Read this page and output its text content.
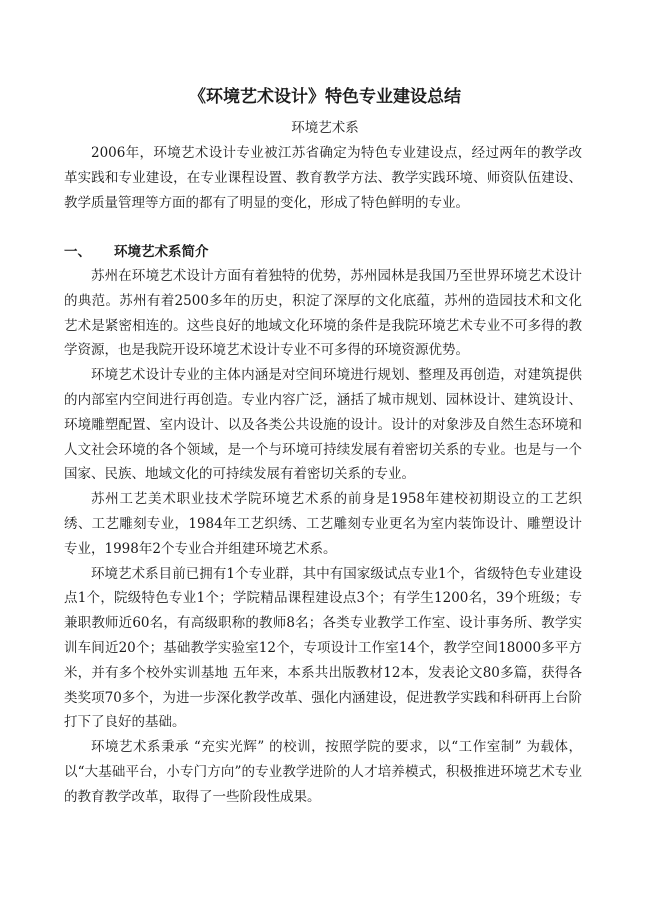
《环境艺术设计》特色专业建设总结
环境艺术系

2006年，环境艺术设计专业被江苏省确定为特色专业建设点，经过两年的教学改革实践和专业建设，在专业课程设置、教育教学方法、教学实践环境、师资队伍建设、教学质量管理等方面的都有了明显的变化，形成了特色鲜明的专业。

一、 环境艺术系简介

苏州在环境艺术设计方面有着独特的优势，苏州园林是我国乃至世界环境艺术设计的典范。苏州有着2500多年的历史，积淀了深厚的文化底蕴，苏州的造园技术和文化艺术是紧密相连的。这些良好的地域文化环境的条件是我院环境艺术专业不可多得的教学资源，也是我院开设环境艺术设计专业不可多得的环境资源优势。

环境艺术设计专业的主体内涵是对空间环境进行规划、整理及再创造，对建筑提供的内部室内空间进行再创造。专业内容广泛，涵括了城市规划、园林设计、建筑设计、环境雕塑配置、室内设计、以及各类公共设施的设计。设计的对象涉及自然生态环境和人文社会环境的各个领域，是一个与环境可持续发展有着密切关系的专业。也是与一个国家、民族、地域文化的可持续发展有着密切关系的专业。

苏州工艺美术职业技术学院环境艺术系的前身是1958年建校初期设立的工艺织绣、工艺雕刻专业，1984年工艺织绣、工艺雕刻专业更名为室内装饰设计、雕塑设计专业，1998年2个专业合并组建环境艺术系。

环境艺术系目前已拥有1个专业群，其中有国家级试点专业1个，省级特色专业建设点1个，院级特色专业1个；学院精品课程建设点3个；有学生1200名，39个班级；专兼职教师近60名，有高级职称的教师8名；各类专业教学工作室、设计事务所、教学实训车间近20个；基础教学实验室12个，专项设计工作室14个，教学空间18000多平方米，并有多个校外实训基地 五年来，本系共出版教材12本，发表论文80多篇，获得各类奖项70多个，为进一步深化教学改革、强化内涵建设，促进教学实践和科研再上台阶打下了良好的基础。

环境艺术系秉承 “充实光辉” 的校训，按照学院的要求，以“工作室制” 为载体，以“大基础平台，小专门方向”的专业教学进阶的人才培养模式，积极推进环境艺术专业的教育教学改革，取得了一些阶段性成果。
